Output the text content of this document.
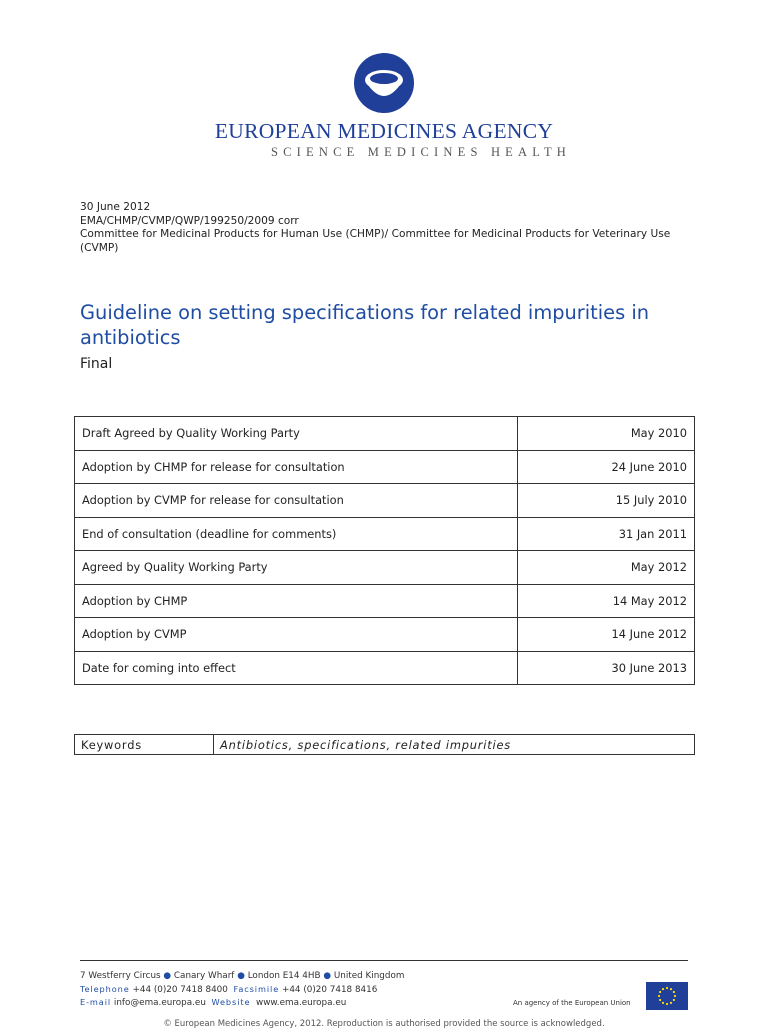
EUROPEAN MEDICINES AGENCY
SCIENCE MEDICINES HEALTH
30 June 2012
EMA/CHMP/CVMP/QWP/199250/2009 corr
Committee for Medicinal Products for Human Use (CHMP)/ Committee for Medicinal Products for Veterinary Use (CVMP)
Guideline on setting specifications for related impurities in antibiotics
Final
Draft Agreed by Quality Working Party	May 2010
Adoption by CHMP for release for consultation	24 June 2010
Adoption by CVMP for release for consultation	15 July 2010
End of consultation (deadline for comments)	31 Jan 2011
Agreed by Quality Working Party	May 2012
Adoption by CHMP	14 May 2012
Adoption by CVMP	14 June 2012
Date for coming into effect	30 June 2013
Keywords	Antibiotics, specifications, related impurities
7 Westferry Circus ● Canary Wharf ● London E14 4HB ● United Kingdom
Telephone +44 (0)20 7418 8400 Facsimile +44 (0)20 7418 8416
E-mail info@ema.europa.eu Website www.ema.europa.eu	An agency of the European Union
© European Medicines Agency, 2012. Reproduction is authorised provided the source is acknowledged.
